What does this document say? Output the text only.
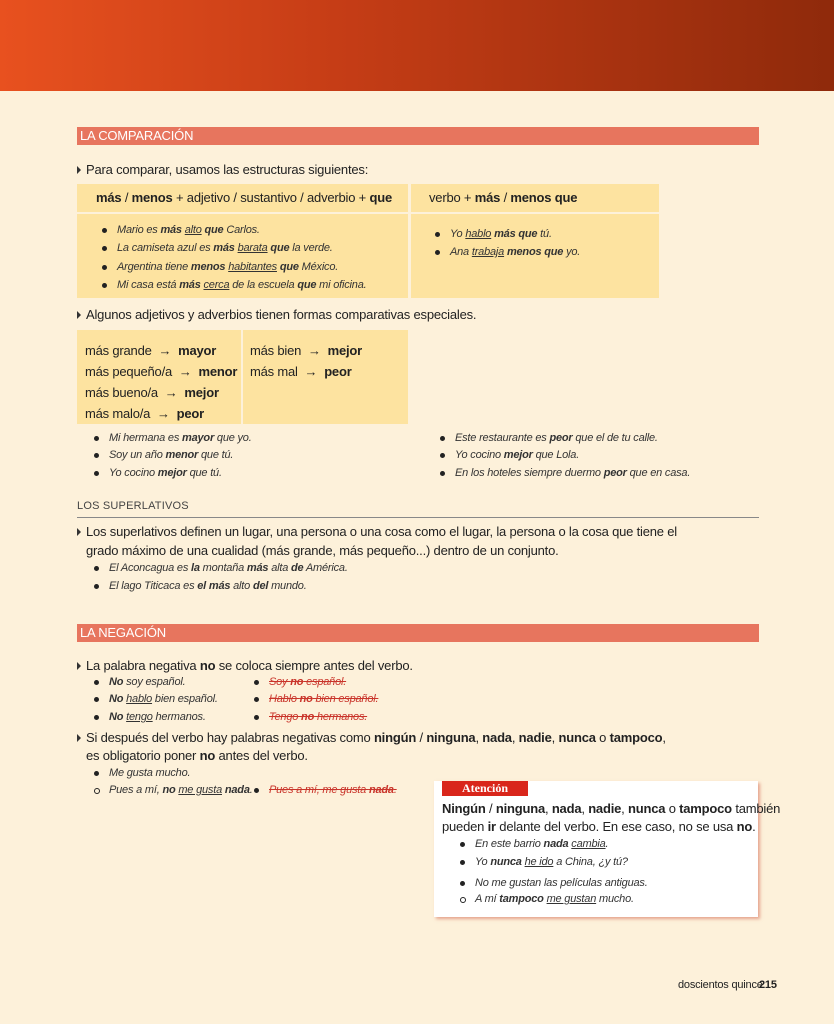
LA COMPARACIÓN
Para comparar, usamos las estructuras siguientes:
más / menos + adjetivo / sustantivo / adverbio + que	verbo + más / menos que
Mario es más alto que Carlos.
La camiseta azul es más barata que la verde.
Argentina tiene menos habitantes que México.
Mi casa está más cerca de la escuela que mi oficina.
Yo hablo más que tú.
Ana trabaja menos que yo.
Algunos adjetivos y adverbios tienen formas comparativas especiales.
más grande  →  mayor
más pequeño/a  →  menor
más bueno/a  →  mejor
más malo/a  →  peor
más bien  →  mejor
más mal  →  peor
Mi hermana es mayor que yo.
Soy un año menor que tú.
Yo cocino mejor que tú.
Este restaurante es peor que el de tu calle.
Yo cocino mejor que Lola.
En los hoteles siempre duermo peor que en casa.
LOS SUPERLATIVOS
Los superlativos definen un lugar, una persona o una cosa como el lugar, la persona o la cosa que tiene el
grado máximo de una cualidad (más grande, más pequeño...) dentro de un conjunto.
El Aconcagua es la montaña más alta de América.
El lago Titicaca es el más alto del mundo.
LA NEGACIÓN
La palabra negativa no se coloca siempre antes del verbo.
No soy español.
No hablo bien español.
No tengo hermanos.
Soy no español.
Hablo no bien español.
Tengo no hermanos.
Si después del verbo hay palabras negativas como ningún / ninguna, nada, nadie, nunca o tampoco,
es obligatorio poner no antes del verbo.
Me gusta mucho.
Pues a mí, no me gusta nada. Pues a mí, me gusta nada.	Atención
Ningún / ninguna, nada, nadie, nunca o tampoco también
pueden ir delante del verbo. En ese caso, no se usa no.
En este barrio nada cambia.
Yo nunca he ido a China, ¿y tú?
No me gustan las películas antiguas.
A mí tampoco me gustan mucho.
doscientos quince
215
